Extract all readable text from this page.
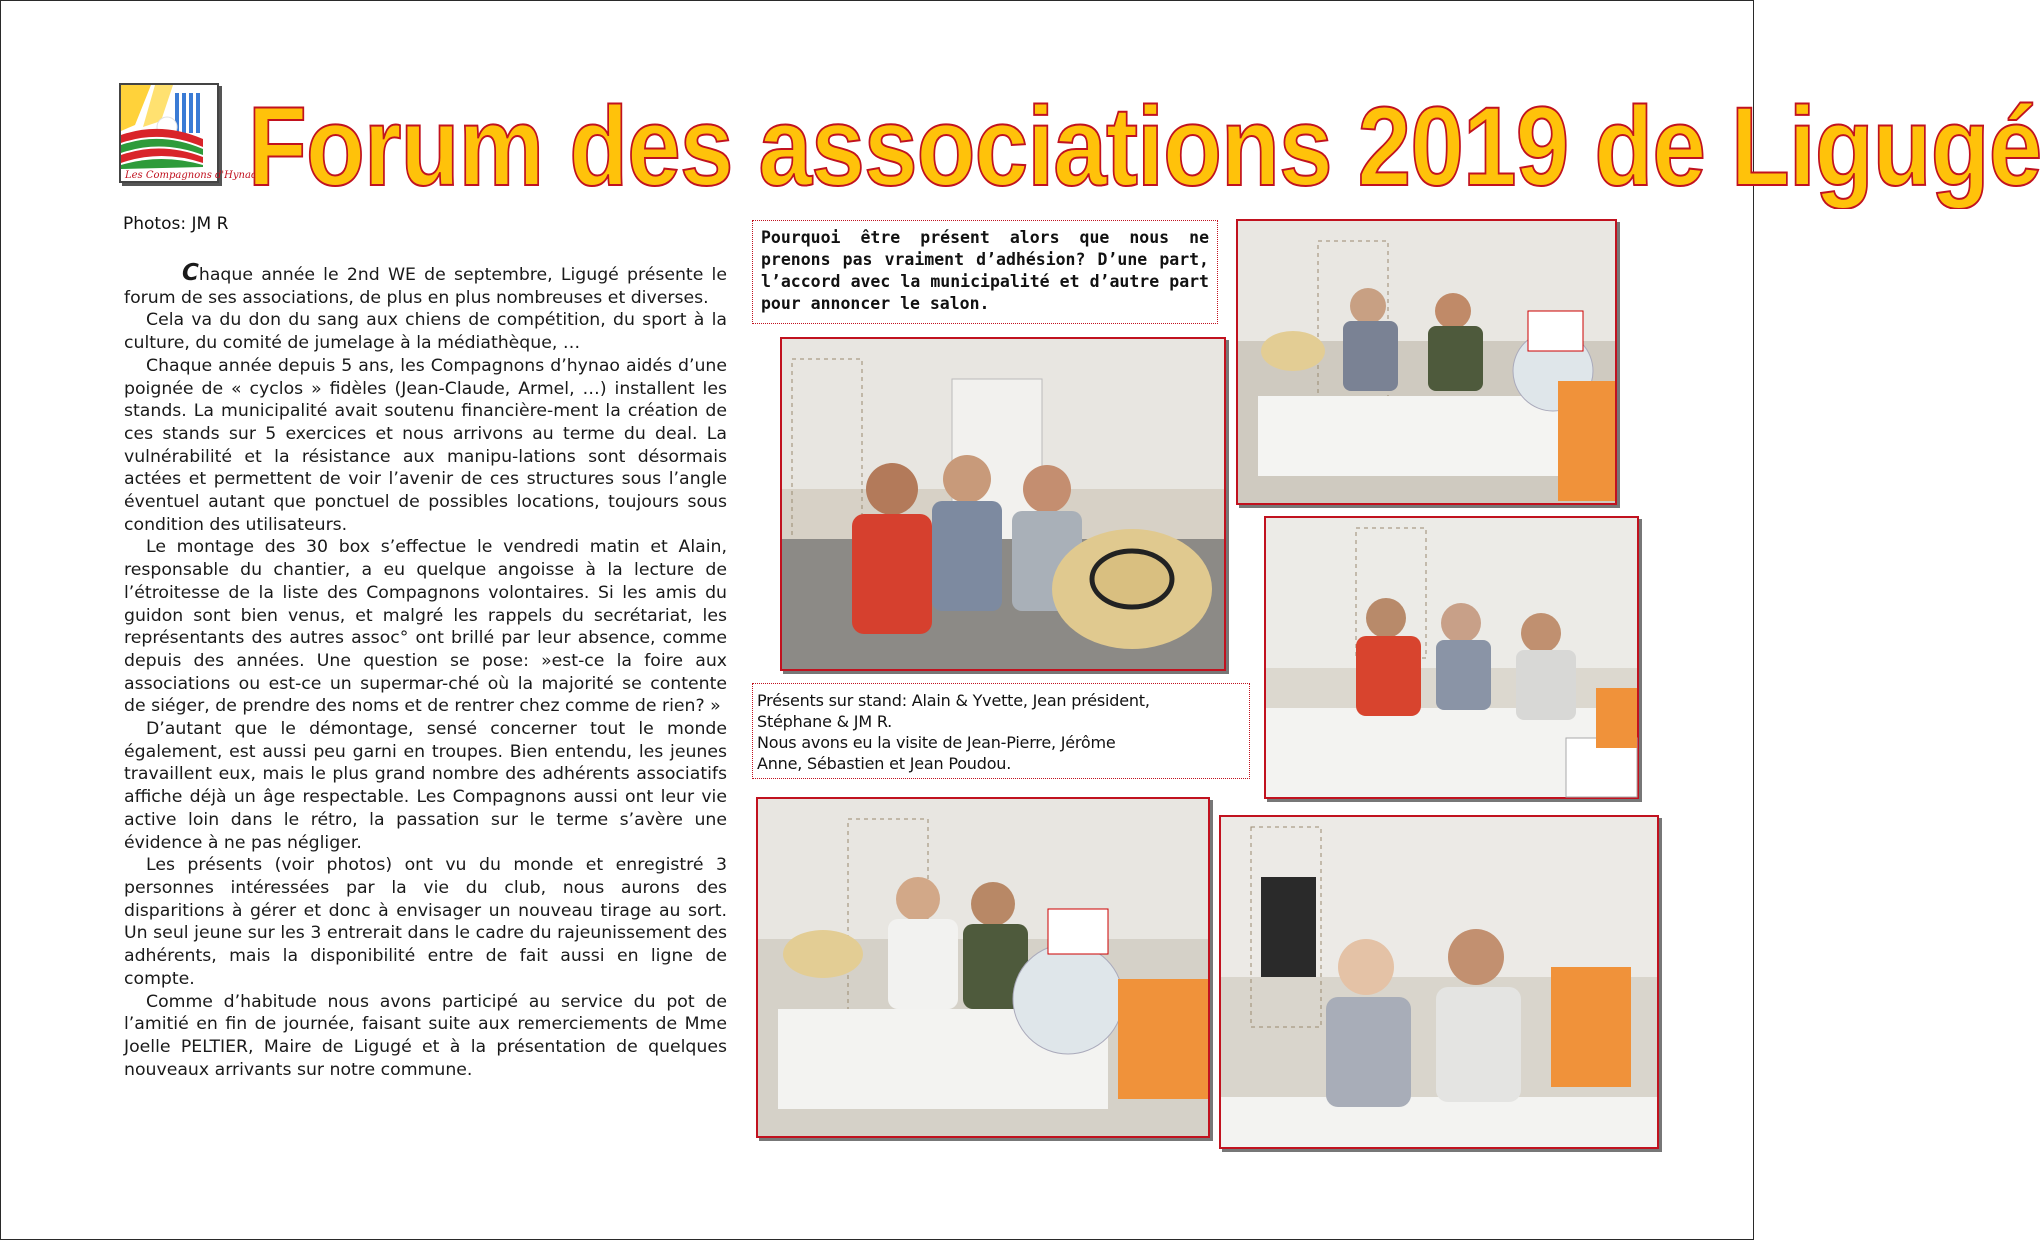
Les Compagnons d'Hynao
Forum des associations 2019 de Ligugé
Photos: JM R

Chaque année le 2nd WE de septembre, Ligugé présente le forum de ses associations, de plus en plus nombreuses et diverses.

Cela va du don du sang aux chiens de compétition, du sport à la culture, du comité de jumelage à la médiathèque, …

Chaque année depuis 5 ans, les Compagnons d’hynao aidés d’une poignée de « cyclos » fidèles (Jean-Claude, Armel, …) installent les stands. La municipalité avait soutenu financière-ment la création de ces stands sur 5 exercices et nous arrivons au terme du deal. La vulnérabilité et la résistance aux manipu-lations sont désormais actées et permettent de voir l’avenir de ces structures sous l’angle éventuel autant que ponctuel de possibles locations, toujours sous condition des utilisateurs.

Le montage des 30 box s’effectue le vendredi matin et Alain, responsable du chantier, a eu quelque angoisse à la lecture de l’étroitesse de la liste des Compagnons volontaires. Si les amis du guidon sont bien venus, et malgré les rappels du secrétariat, les représentants des autres assoc° ont brillé par leur absence, comme depuis des années. Une question se pose: »est-ce la foire aux associations ou est-ce un supermar-ché où la majorité se contente de siéger, de prendre des noms et de rentrer chez comme de rien? »

D’autant que le démontage, sensé concerner tout le monde également, est aussi peu garni en troupes. Bien entendu, les jeunes travaillent eux, mais le plus grand nombre des adhérents associatifs affiche déjà un âge respectable. Les Compagnons aussi ont leur vie active loin dans le rétro, la passation sur le terme s’avère une évidence à ne pas négliger.

Les présents (voir photos) ont vu du monde et enregistré 3 personnes intéressées par la vie du club, nous aurons des disparitions à gérer et donc à envisager un nouveau tirage au sort. Un seul jeune sur les 3 entrerait dans le cadre du rajeunissement des adhérents, mais la disponibilité entre de fait aussi en ligne de compte.

Comme d’habitude nous avons participé au service du pot de l’amitié en fin de journée, faisant suite aux remerciements de Mme Joelle PELTIER, Maire de Ligugé et à la présentation de quelques nouveaux arrivants sur notre commune.

Pourquoi être présent alors que nous ne prenons pas vraiment d’adhésion? D’une part, l’accord avec la municipalité et d’autre part pour annoncer le salon.
Présents sur stand: Alain & Yvette, Jean président,
Stéphane & JM R.
Nous avons eu la visite de Jean-Pierre, Jérôme
Anne, Sébastien et Jean Poudou.
